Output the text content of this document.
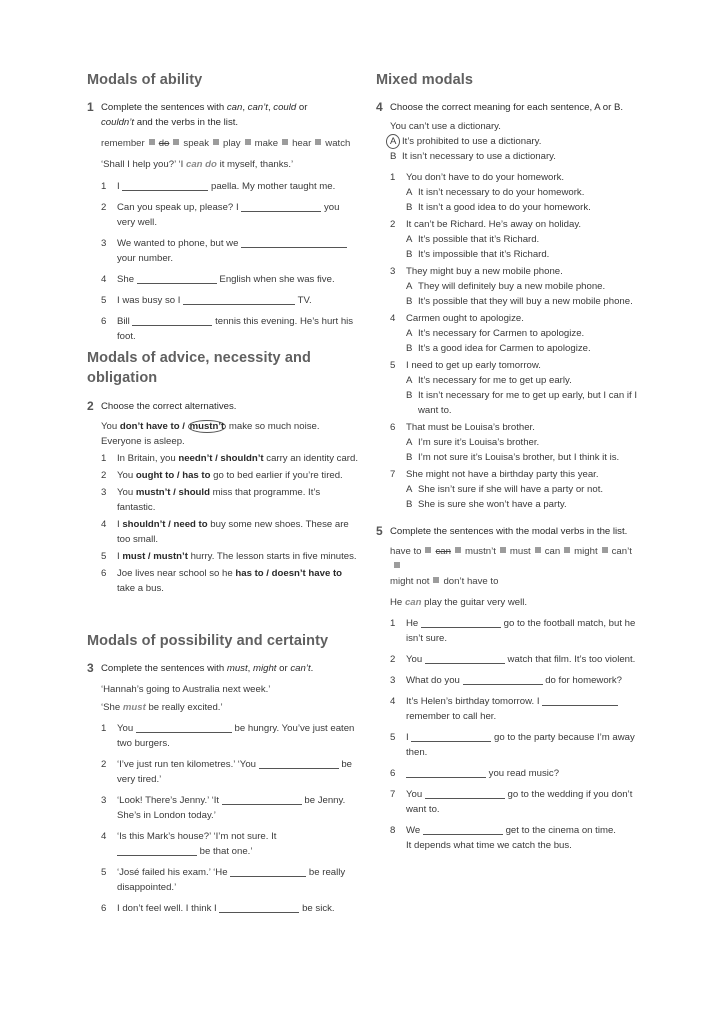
Modals of ability
1 Complete the sentences with can, can’t, could or
couldn’t and the verbs in the list.
remember do speak play make hear watch
‘Shall I help you?’ ‘I can do it myself, thanks.’
1 I	paella. My mother taught me.
2 Can you speak up, please? I	you very well.
3 We wanted to phone, but we
your number.
4 She	English when she was five.
5 I was busy so I	TV.
6 Bill	tennis this evening. He’s hurt his foot.
Modals of advice, necessity and
obligation
2 Choose the correct alternatives.
You don’t have to / mustn’t make so much noise. Everyone is asleep.
1 In Britain, you needn’t / shouldn’t carry an identity card.
2 You ought to / has to go to bed earlier if you’re tired.
3 You mustn’t / should miss that programme. It’s fantastic.
4 I shouldn’t / need to buy some new shoes. These are too small.
5 I must / mustn’t hurry. The lesson starts in five minutes.
6 Joe lives near school so he has to / doesn’t have to take a bus.
Modals of possibility and certainty
3 Complete the sentences with must, might or can’t.
‘Hannah’s going to Australia next week.’
‘She must be really excited.’
1 You	be hungry. You’ve just eaten two burgers.
2 ‘I’ve just run ten kilometres.’ ‘You	be very tired.’
3 ‘Look! There’s Jenny.’ ‘It	be Jenny. She’s in London today.’
4 ‘Is this Mark’s house?’ ‘I’m not sure. It
be that one.’
5 ‘José failed his exam.’ ‘He	be really disappointed.’
6 I don’t feel well. I think I	be sick.
Mixed modals
4 Choose the correct meaning for each sentence, A or B.
You can’t use a dictionary.
A It’s prohibited to use a dictionary.
B It isn’t necessary to use a dictionary.
1 You don’t have to do your homework.
A It isn’t necessary to do your homework.
B It isn’t a good idea to do your homework.
2 It can’t be Richard. He’s away on holiday.
A It’s possible that it’s Richard.
B It’s impossible that it’s Richard.
3 They might buy a new mobile phone.
A They will definitely buy a new mobile phone.
B It’s possible that they will buy a new mobile phone.
4 Carmen ought to apologize.
A It’s necessary for Carmen to apologize.
B It’s a good idea for Carmen to apologize.
5 I need to get up early tomorrow.
A It’s necessary for me to get up early.
B It isn’t necessary for me to get up early, but I can if I want to.
6 That must be Louisa’s brother.
A I’m sure it’s Louisa’s brother.
B I’m not sure it’s Louisa’s brother, but I think it is.
7 She might not have a birthday party this year.
A She isn’t sure if she will have a party or not.
B She is sure she won’t have a party.
5 Complete the sentences with the modal verbs in the list.
have to can mustn’t must can might can’t
might not don’t have to
He can play the guitar very well.
1 He	go to the football match, but he isn’t sure.
2 You	watch that film. It’s too violent.
3 What do you	do for homework?
4 It’s Helen’s birthday tomorrow. I
remember to call her.
5 I	go to the party because I’m away then.
6	you read music?
7 You	go to the wedding if you don’t want to.
8 We	get to the cinema on time.
It depends what time we catch the bus.
